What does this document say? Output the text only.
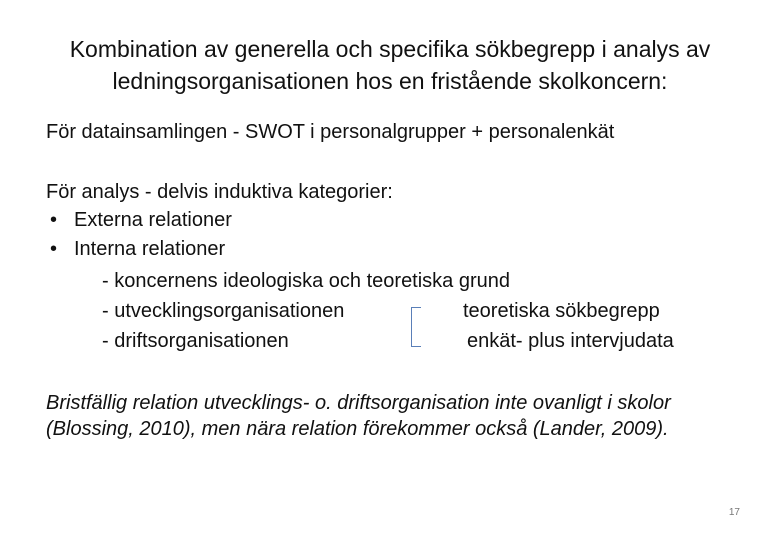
Kombination av generella och specifika sökbegrepp i analys av ledningsorganisationen hos en fristående skolkoncern:
För datainsamlingen - SWOT i personalgrupper + personalenkät
För analys - delvis induktiva kategorier:
• Externa relationer
• Interna relationer
- koncernens ideologiska och teoretiska grund
- utvecklingsorganisationen
- driftsorganisationen
teoretiska sökbegrepp
enkät- plus intervjudata
Bristfällig relation utvecklings- o. driftsorganisation inte ovanligt i skolor (Blossing, 2010), men nära relation förekommer också (Lander, 2009).
17
